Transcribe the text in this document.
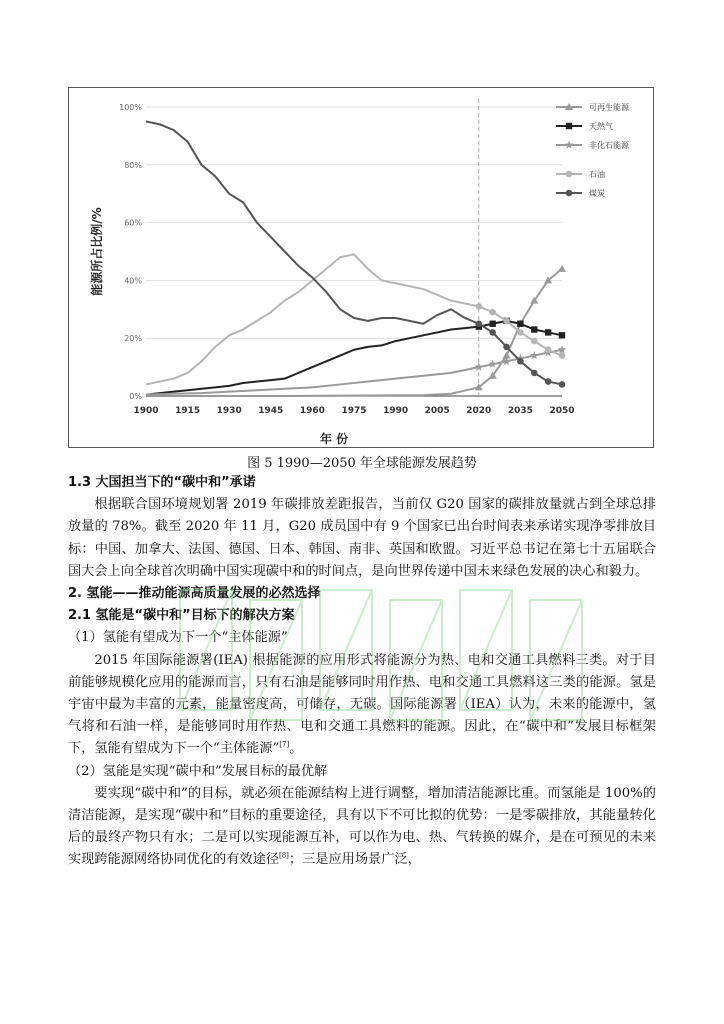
0%
20%
40%
60%
80%
100%
1900 1915 1930 1945 1960 1975 1990 2005 2020 2035 2050
年 份
能源所占比例/%
可再生能源
天然气
非化石能源
石油
煤炭
图 5 1990—2050 年全球能源发展趋势

1.3 大国担当下的“碳中和”承诺

根据联合国环境规划署 2019 年碳排放差距报告，当前仅 G20 国家的碳排放量就占到全球总排放量的 78%。截至 2020 年 11 月，G20 成员国中有 9 个国家已出台时间表来承诺实现净零排放目标：中国、加拿大、法国、德国、日本、韩国、南非、英国和欧盟。习近平总书记在第七十五届联合国大会上向全球首次明确中国实现碳中和的时间点，是向世界传递中国未来绿色发展的决心和毅力。

2. 氢能——推动能源高质量发展的必然选择

2.1 氢能是“碳中和”目标下的解决方案

（1）氢能有望成为下一个“主体能源”

2015 年国际能源署(IEA) 根据能源的应用形式将能源分为热、电和交通工具燃料三类。对于目前能够规模化应用的能源而言，只有石油是能够同时用作热、电和交通工具燃料这三类的能源。氢是宇宙中最为丰富的元素，能量密度高，可储存，无碳。国际能源署（IEA）认为，未来的能源中，氢气将和石油一样，是能够同时用作热、电和交通工具燃料的能源。因此，在“碳中和”发展目标框架下，氢能有望成为下一个“主体能源”[7]。

（2）氢能是实现“碳中和”发展目标的最优解

要实现“碳中和”的目标，就必须在能源结构上进行调整，增加清洁能源比重。而氢能是 100%的清洁能源，是实现“碳中和”目标的重要途径，具有以下不可比拟的优势：一是零碳排放，其能量转化后的最终产物只有水；二是可以实现能源互补，可以作为电、热、气转换的媒介，是在可预见的未来实现跨能源网络协同优化的有效途径[8]；三是应用场景广泛，
